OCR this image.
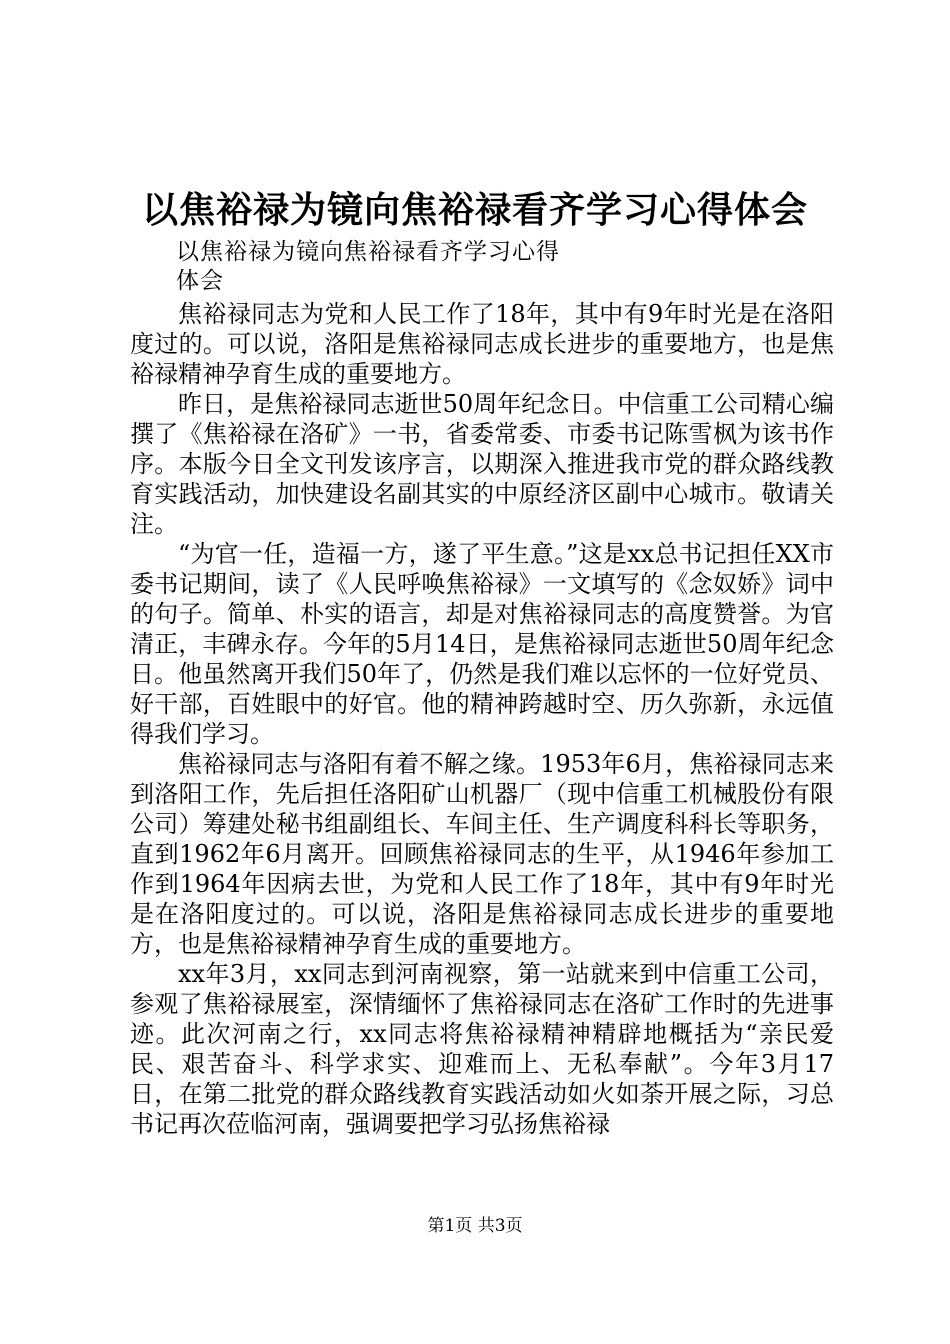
以焦裕禄为镜向焦裕禄看齐学习心得体会
以焦裕禄为镜向焦裕禄看齐学习心得
体会

焦裕禄同志为党和人民工作了18年，其中有9年时光是在洛阳度过的。可以说，洛阳是焦裕禄同志成长进步的重要地方，也是焦裕禄精神孕育生成的重要地方。

昨日，是焦裕禄同志逝世50周年纪念日。中信重工公司精心编撰了《焦裕禄在洛矿》一书，省委常委、市委书记陈雪枫为该书作序。本版今日全文刊发该序言，以期深入推进我市党的群众路线教育实践活动，加快建设名副其实的中原经济区副中心城市。敬请关注。

“为官一任，造福一方，遂了平生意。”这是xx总书记担任XX市委书记期间，读了《人民呼唤焦裕禄》一文填写的《念奴娇》词中的句子。简单、朴实的语言，却是对焦裕禄同志的高度赞誉。为官清正，丰碑永存。今年的5月14日，是焦裕禄同志逝世50周年纪念日。他虽然离开我们50年了，仍然是我们难以忘怀的一位好党员、好干部，百姓眼中的好官。他的精神跨越时空、历久弥新，永远值得我们学习。

焦裕禄同志与洛阳有着不解之缘。1953年6月，焦裕禄同志来到洛阳工作，先后担任洛阳矿山机器厂（现中信重工机械股份有限公司）筹建处秘书组副组长、车间主任、生产调度科科长等职务，直到1962年6月离开。回顾焦裕禄同志的生平，从1946年参加工作到1964年因病去世，为党和人民工作了18年，其中有9年时光是在洛阳度过的。可以说，洛阳是焦裕禄同志成长进步的重要地方，也是焦裕禄精神孕育生成的重要地方。

xx年3月，xx同志到河南视察，第一站就来到中信重工公司，参观了焦裕禄展室，深情缅怀了焦裕禄同志在洛矿工作时的先进事迹。此次河南之行，xx同志将焦裕禄精神精辟地概括为“亲民爱民、艰苦奋斗、科学求实、迎难而上、无私奉献”。今年3月17日，在第二批党的群众路线教育实践活动如火如荼开展之际，习总书记再次莅临河南，强调要把学习弘扬焦裕禄

第1页 共3页
